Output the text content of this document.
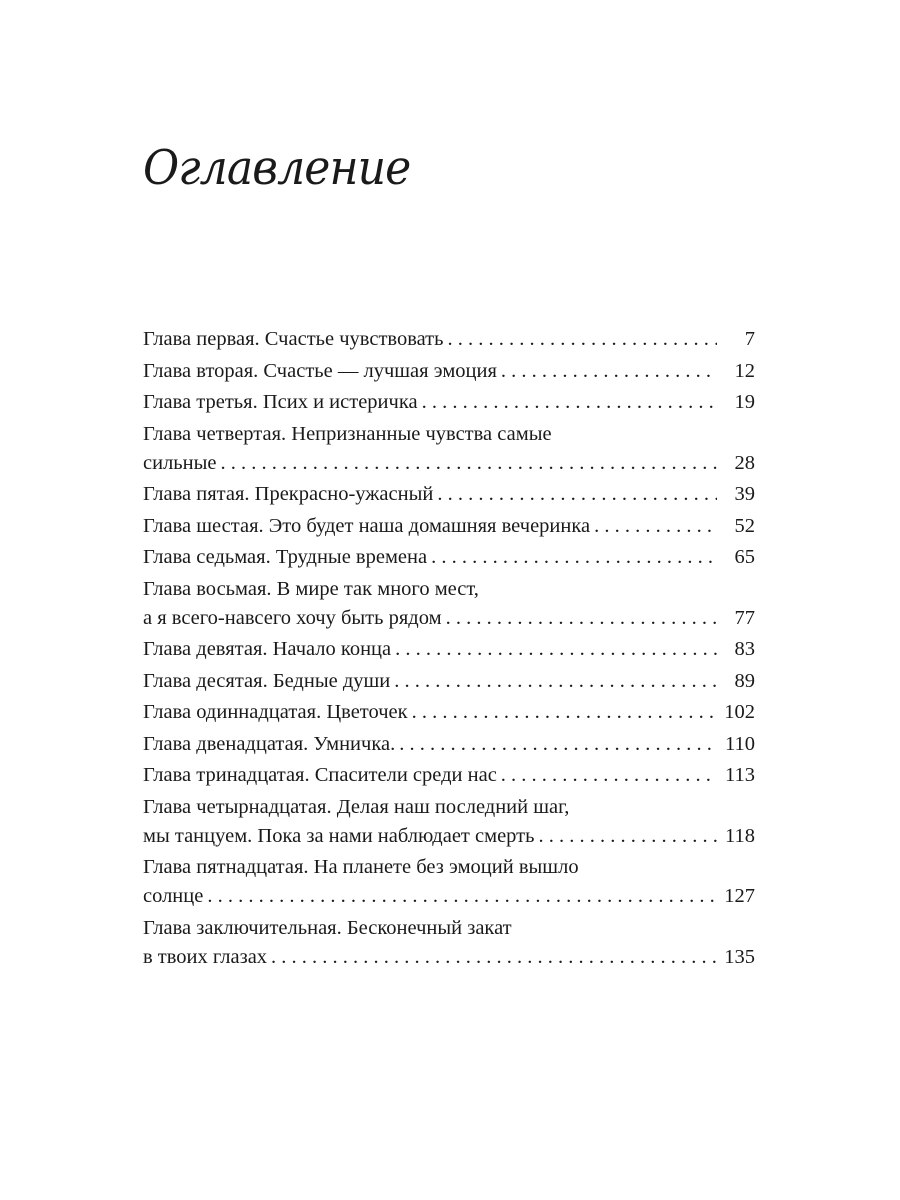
Оглавление
Глава первая. Счастье чувствовать . . .	7
Глава вторая. Счастье — лучшая эмоция . . .	12
Глава третья. Псих и истеричка . . .	19
Глава четвертая. Непризнанные чувства самые
сильные . . .	28
Глава пятая. Прекрасно-ужасный . . .	39
Глава шестая. Это будет наша домашняя вечеринка . . .	52
Глава седьмая. Трудные времена . . .	65
Глава восьмая. В мире так много мест,
а я всего-навсего хочу быть рядом . . .	77
Глава девятая. Начало конца . . .	83
Глава десятая. Бедные души . . .	89
Глава одиннадцатая. Цветочек . . .	102
Глава двенадцатая. Умничка. . . .	110
Глава тринадцатая. Спасители среди нас . . .	113
Глава четырнадцатая. Делая наш последний шаг,
мы танцуем. Пока за нами наблюдает смерть . . .	118
Глава пятнадцатая. На планете без эмоций вышло
солнце . . .	127
Глава заключительная. Бесконечный закат
в твоих глазах . . .	135
